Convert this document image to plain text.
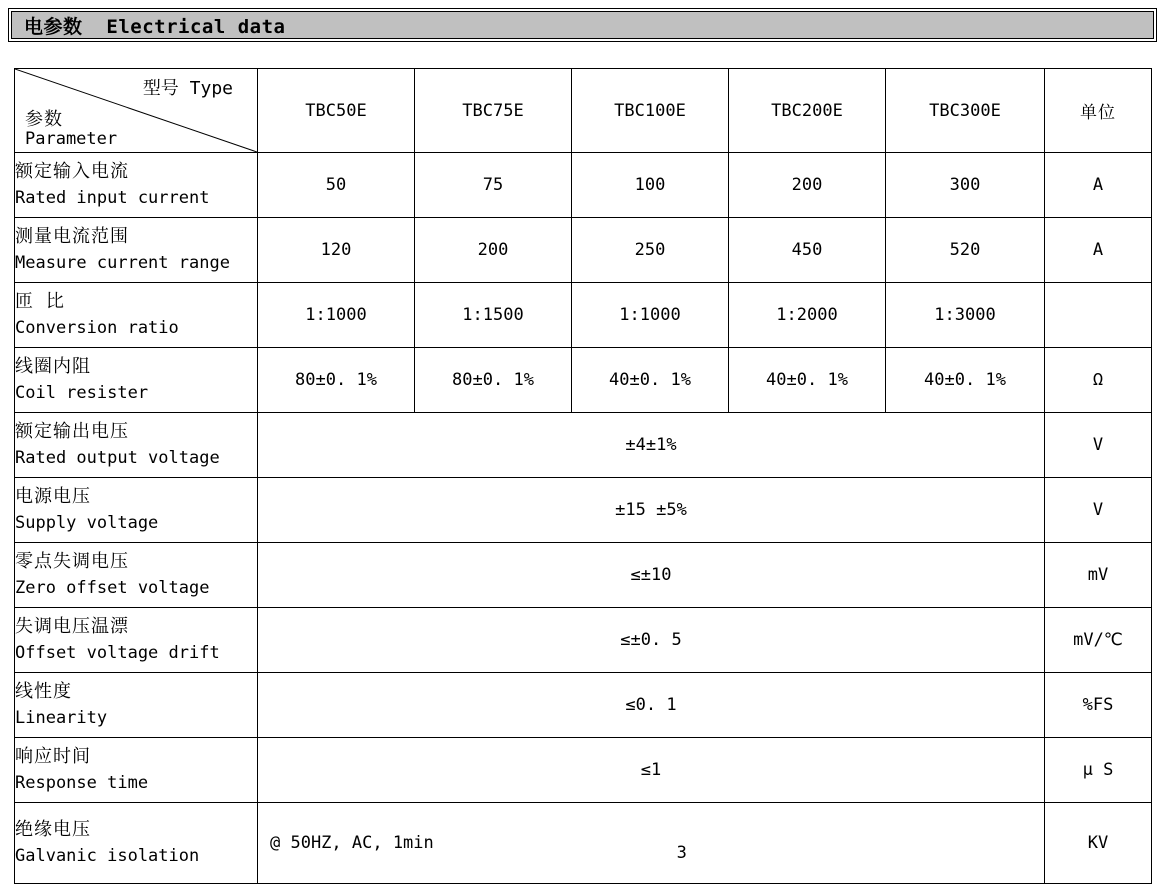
电参数  Electrical data
型号 Type
参数
Parameter	TBC50E	TBC75E	TBC100E	TBC200E	TBC300E	单位

额定输入电流
Rated input current	50	75	100	200	300	A

测量电流范围
Measure current range	120	200	250	450	520	A

匝 比
Conversion ratio	1:1000	1:1500	1:1000	1:2000	1:3000	

线圈内阻
Coil resister	80±0. 1%	80±0. 1%	40±0. 1%	40±0. 1%	40±0. 1%	Ω

额定输出电压
Rated output voltage	±4±1%					V

电源电压
Supply voltage	±15 ±5%					V

零点失调电压
Zero offset voltage	≤±10					mV

失调电压温漂
Offset voltage drift	≤±0. 5					mV/℃

线性度
Linearity	≤0. 1					%FS

响应时间
Response time	≤1					μ S

绝缘电压
Galvanic isolation	@ 50HZ, AC, 1min 3					KV
